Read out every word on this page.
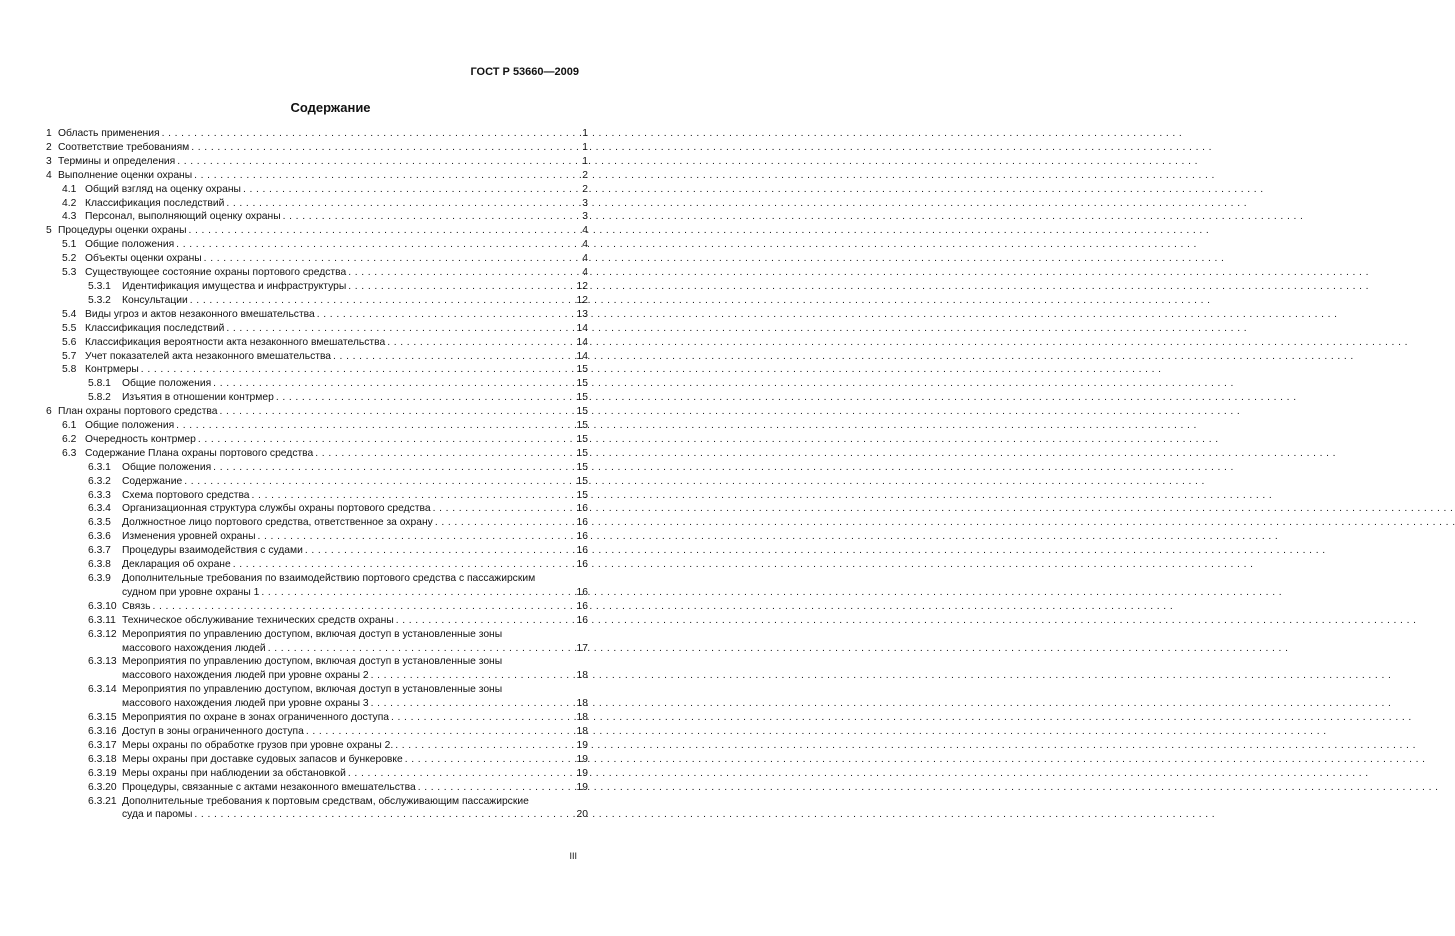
ГОСТ Р 53660—2009
Содержание
1 Область применения . . .	1
2 Соответствие требованиям . . .	1
3 Термины и определения . . .	1
4 Выполнение оценки охраны . . .	2
4.1 Общий взгляд на оценку охраны . . .	2
4.2 Классификация последствий . . .	3
4.3 Персонал, выполняющий оценку охраны . . .	3
5 Процедуры оценки охраны . . .	4
5.1 Общие положения . . .	4
5.2 Объекты оценки охраны . . .	4
5.3 Существующее состояние охраны портового средства . . .	4
5.3.1 Идентификация имущества и инфраструктуры . . .	12
5.3.2 Консультации . . .	12
5.4 Виды угроз и актов незаконного вмешательства . . .	13
5.5 Классификация последствий . . .	14
5.6 Классификация вероятности акта незаконного вмешательства . . .	14
5.7 Учет показателей акта незаконного вмешательства . . .	14
5.8 Контрмеры . . .	15
5.8.1 Общие положения . . .	15
5.8.2 Изъятия в отношении контрмер . . .	15
6 План охраны портового средства . . .	15
6.1 Общие положения . . .	15
6.2 Очередность контрмер . . .	15
6.3 Содержание Плана охраны портового средства . . .	15
6.3.1 Общие положения . . .	15
6.3.2 Содержание . . .	15
6.3.3 Схема портового средства . . .	15
6.3.4 Организационная структура службы охраны портового средства . . .	16
6.3.5 Должностное лицо портового средства, ответственное за охрану . . .	16
6.3.6 Изменения уровней охраны . . .	16
6.3.7 Процедуры взаимодействия с судами . . .	16
6.3.8 Декларация об охране . . .	16
6.3.9 Дополнительные требования по взаимодействию портового средства с пассажирским
судном при уровне охраны 1 . . .	16
6.3.10 Связь . . .	16
6.3.11 Техническое обслуживание технических средств охраны . . .	16
6.3.12 Мероприятия по управлению доступом, включая доступ в установленные зоны
массового нахождения людей . . .	17
6.3.13 Мероприятия по управлению доступом, включая доступ в установленные зоны
массового нахождения людей при уровне охраны 2 . . .	18
6.3.14 Мероприятия по управлению доступом, включая доступ в установленные зоны
массового нахождения людей при уровне охраны 3 . . .	18
6.3.15 Мероприятия по охране в зонах ограниченного доступа . . .	18
6.3.16 Доступ в зоны ограниченного доступа . . .	18
6.3.17 Меры охраны по обработке грузов при уровне охраны 2. . . .	19
6.3.18 Меры охраны при доставке судовых запасов и бункеровке . . .	19
6.3.19 Меры охраны при наблюдении за обстановкой . . .	19
6.3.20 Процедуры, связанные с актами незаконного вмешательства . . .	19
6.3.21 Дополнительные требования к портовым средствам, обслуживающим пассажирские
суда и паромы . . .	20
III
